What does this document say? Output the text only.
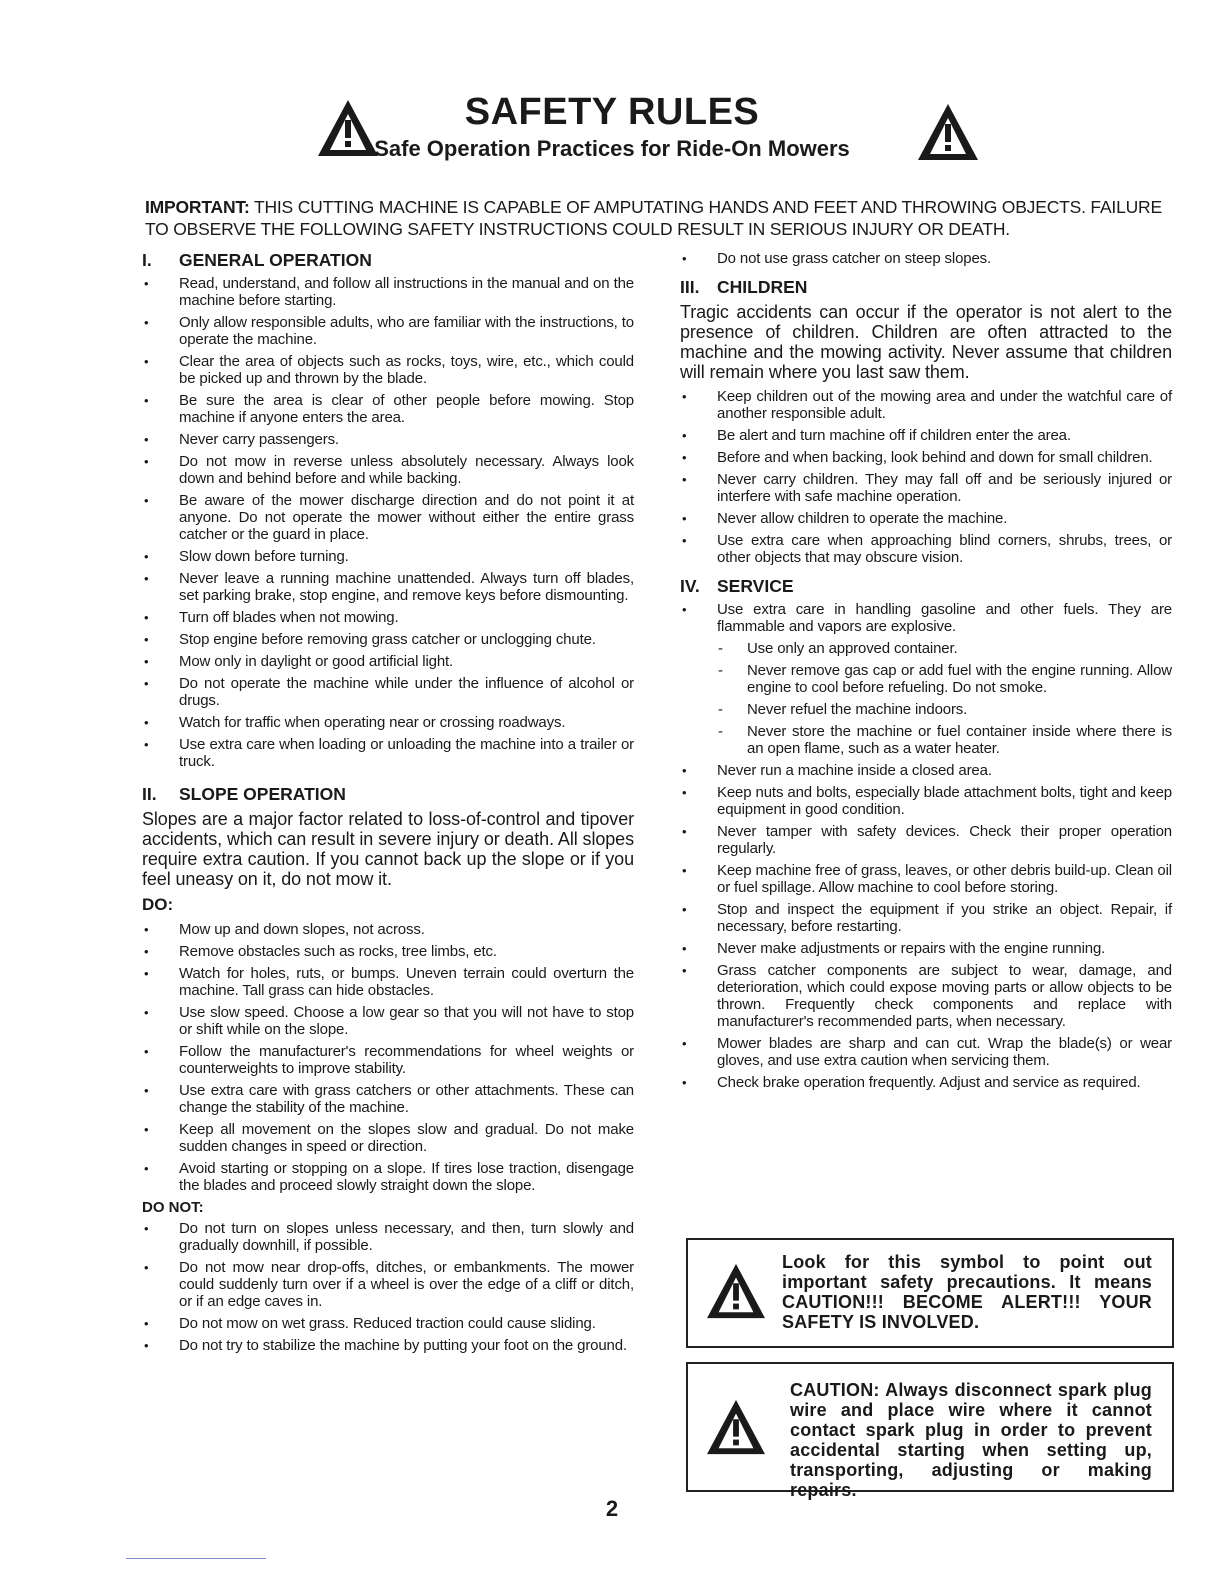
SAFETY RULES
Safe Operation Practices for Ride-On Mowers
IMPORTANT: THIS CUTTING MACHINE IS CAPABLE OF AMPUTATING HANDS AND FEET AND THROWING OBJECTS. FAILURE TO OBSERVE THE FOLLOWING SAFETY INSTRUCTIONS COULD RESULT IN SERIOUS INJURY OR DEATH.
I. GENERAL OPERATION
• Read, understand, and follow all instructions in the manual and on the machine before starting.
• Only allow responsible adults, who are familiar with the instructions, to operate the machine.
• Clear the area of objects such as rocks, toys, wire, etc., which could be picked up and thrown by the blade.
• Be sure the area is clear of other people before mowing. Stop machine if anyone enters the area.
• Never carry passengers.
• Do not mow in reverse unless absolutely necessary. Always look down and behind before and while backing.
• Be aware of the mower discharge direction and do not point it at anyone. Do not operate the mower without either the entire grass catcher or the guard in place.
• Slow down before turning.
• Never leave a running machine unattended. Always turn off blades, set parking brake, stop engine, and remove keys before dismounting.
• Turn off blades when not mowing.
• Stop engine before removing grass catcher or unclogging chute.
• Mow only in daylight or good artificial light.
• Do not operate the machine while under the influence of alcohol or drugs.
• Watch for traffic when operating near or crossing roadways.
• Use extra care when loading or unloading the machine into a trailer or truck.
II. SLOPE OPERATION
Slopes are a major factor related to loss-of-control and tipover accidents, which can result in severe injury or death. All slopes require extra caution. If you cannot back up the slope or if you feel uneasy on it, do not mow it.
DO:
• Mow up and down slopes, not across.
• Remove obstacles such as rocks, tree limbs, etc.
• Watch for holes, ruts, or bumps. Uneven terrain could overturn the machine. Tall grass can hide obstacles.
• Use slow speed. Choose a low gear so that you will not have to stop or shift while on the slope.
• Follow the manufacturer's recommendations for wheel weights or counterweights to improve stability.
• Use extra care with grass catchers or other attachments. These can change the stability of the machine.
• Keep all movement on the slopes slow and gradual. Do not make sudden changes in speed or direction.
• Avoid starting or stopping on a slope. If tires lose traction, disengage the blades and proceed slowly straight down the slope.
DO NOT:
• Do not turn on slopes unless necessary, and then, turn slowly and gradually downhill, if possible.
• Do not mow near drop-offs, ditches, or embankments. The mower could suddenly turn over if a wheel is over the edge of a cliff or ditch, or if an edge caves in.
• Do not mow on wet grass. Reduced traction could cause sliding.
• Do not try to stabilize the machine by putting your foot on the ground.
• Do not use grass catcher on steep slopes.
III. CHILDREN
Tragic accidents can occur if the operator is not alert to the presence of children. Children are often attracted to the machine and the mowing activity. Never assume that children will remain where you last saw them.
• Keep children out of the mowing area and under the watchful care of another responsible adult.
• Be alert and turn machine off if children enter the area.
• Before and when backing, look behind and down for small children.
• Never carry children. They may fall off and be seriously injured or interfere with safe machine operation.
• Never allow children to operate the machine.
• Use extra care when approaching blind corners, shrubs, trees, or other objects that may obscure vision.
IV. SERVICE
• Use extra care in handling gasoline and other fuels. They are flammable and vapors are explosive.
- Use only an approved container.
- Never remove gas cap or add fuel with the engine running. Allow engine to cool before refueling. Do not smoke.
- Never refuel the machine indoors.
- Never store the machine or fuel container inside where there is an open flame, such as a water heater.
• Never run a machine inside a closed area.
• Keep nuts and bolts, especially blade attachment bolts, tight and keep equipment in good condition.
• Never tamper with safety devices. Check their proper operation regularly.
• Keep machine free of grass, leaves, or other debris build-up. Clean oil or fuel spillage. Allow machine to cool before storing.
• Stop and inspect the equipment if you strike an object. Repair, if necessary, before restarting.
• Never make adjustments or repairs with the engine running.
• Grass catcher components are subject to wear, damage, and deterioration, which could expose moving parts or allow objects to be thrown. Frequently check components and replace with manufacturer's recommended parts, when necessary.
• Mower blades are sharp and can cut. Wrap the blade(s) or wear gloves, and use extra caution when servicing them.
• Check brake operation frequently. Adjust and service as required.
Look for this symbol to point out important safety precautions. It means CAUTION!!! BECOME ALERT!!! YOUR SAFETY IS INVOLVED.
CAUTION: Always disconnect spark plug wire and place wire where it cannot contact spark plug in order to prevent accidental starting when setting up, transporting, adjusting or making repairs.
2
